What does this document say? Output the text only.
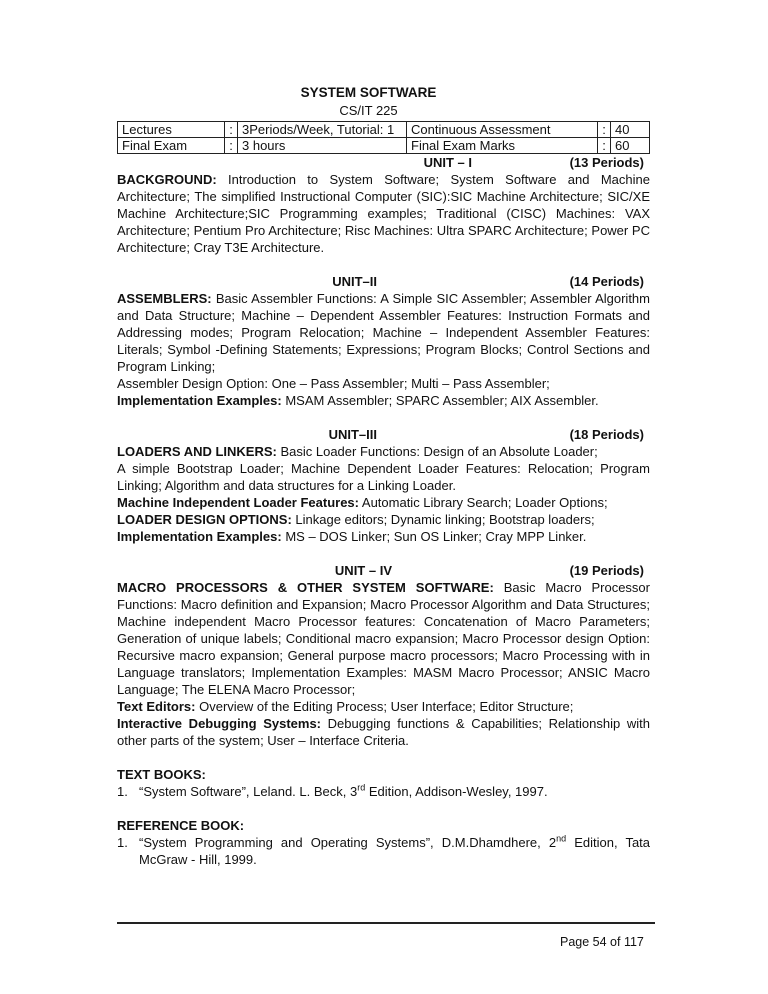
SYSTEM SOFTWARE
CS/IT 225
Lectures	:	3Periods/Week, Tutorial: 1	Continuous Assessment	:	40
Final Exam	:	3 hours	Final Exam Marks	:	60
UNIT – I	(13 Periods)

BACKGROUND: Introduction to System Software; System Software and Machine Architecture; The simplified Instructional Computer (SIC):SIC Machine Architecture; SIC/XE Machine Architecture;SIC Programming examples; Traditional (CISC) Machines: VAX Architecture; Pentium Pro Architecture; Risc Machines: Ultra SPARC Architecture; Power PC Architecture; Cray T3E Architecture.

UNIT–II	(14 Periods)

ASSEMBLERS: Basic Assembler Functions: A Simple SIC Assembler; Assembler Algorithm and Data Structure; Machine – Dependent Assembler Features: Instruction Formats and Addressing modes; Program Relocation; Machine – Independent Assembler Features: Literals; Symbol -Defining Statements; Expressions; Program Blocks; Control Sections and Program Linking;

Assembler Design Option: One – Pass Assembler; Multi – Pass Assembler;

Implementation Examples: MSAM Assembler; SPARC Assembler; AIX Assembler.

UNIT–III	(18 Periods)

LOADERS AND LINKERS: Basic Loader Functions: Design of an Absolute Loader;

A simple Bootstrap Loader; Machine Dependent Loader Features: Relocation; Program Linking; Algorithm and data structures for a Linking Loader.

Machine Independent Loader Features: Automatic Library Search; Loader Options;

LOADER DESIGN OPTIONS: Linkage editors; Dynamic linking; Bootstrap loaders;

Implementation Examples: MS – DOS Linker; Sun OS Linker; Cray MPP Linker.

UNIT – IV	(19 Periods)

MACRO PROCESSORS & OTHER SYSTEM SOFTWARE: Basic Macro Processor Functions: Macro definition and Expansion; Macro Processor Algorithm and Data Structures; Machine independent Macro Processor features: Concatenation of Macro Parameters; Generation of unique labels; Conditional macro expansion; Macro Processor design Option: Recursive macro expansion; General purpose macro processors; Macro Processing with in Language translators; Implementation Examples: MASM Macro Processor; ANSIC Macro Language; The ELENA Macro Processor;

Text Editors: Overview of the Editing Process; User Interface; Editor Structure;

Interactive Debugging Systems: Debugging functions & Capabilities; Relationship with other parts of the system; User – Interface Criteria.

TEXT BOOKS:

1. “System Software”, Leland. L. Beck, 3rd Edition, Addison-Wesley, 1997.

REFERENCE BOOK:

1. “System Programming and Operating Systems”, D.M.Dhamdhere, 2nd Edition, Tata McGraw - Hill, 1999.
Page 54 of 117
